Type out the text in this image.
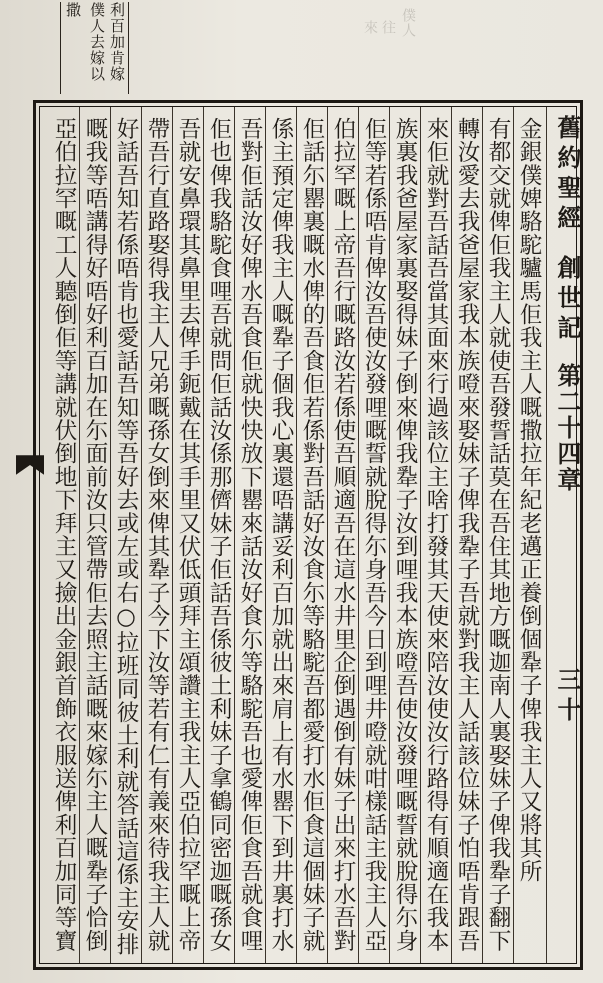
利百加肯嫁
僕人去嫁以
撒	僕人
往
來
舊約聖經
創世記
第二十四章
三十
金銀僕婢駱駝驢馬佢我主人嘅撒拉年紀老邁正養倒個𢆡子俾我主人又將其所
有都交就俾佢我主人就使吾發誓話莫在吾住其地方嘅迦南人裏娶妹子俾我𢆡子翻下
轉汝愛去我爸屋家我本族噔來娶妹子俾我𢆡子吾就對我主人話該位妹子怕唔肯跟吾
來佢就對吾話吾當其面來行過該位主啥打發其天使來陪汝使汝行路得有順適在我本
族裏我爸屋家裏娶得妹子倒來俾我𢆡子汝到哩我本族噔吾使汝發哩嘅誓就脫得尓身
佢等若係唔肯俾汝吾使汝發哩嘅誓就脫得尓身吾今日到哩井噔就咁樣話主我主人亞
伯拉罕嘅上帝吾行嘅路汝若係使吾順適吾在這水井里企倒遇倒有妹子出來打水吾對
佢話尓罌裏嘅水俾的吾食佢若係對吾話好汝食尓等駱駝吾都愛打水佢食這個妹子就
係主預定俾我主人嘅𢆡子個我心裏還唔講妥利百加就出來肩上有水罌下到井裏打水
吾對佢話汝好俾水吾食佢就快快放下罌來話汝好食尓等駱駝吾也愛俾佢食吾就食哩
佢也俾我駱駝食哩吾就問佢話汝係那儕妹子佢話吾係彼土利妹子拿鶴同密迦嘅孫女
吾就安鼻環其鼻里去俾手鈪戴在其手里又伏低頭拜主頌讚主我主人亞伯拉罕嘅上帝
帶吾行直路娶得我主人兄弟嘅孫女倒來俾其𢆡子今下汝等若有仁有義來待我主人就
好話吾知若係唔肯也愛話吾知等吾好去或左或右○拉班同彼土利就答話這係主安排
嘅我等唔講得好唔好利百加在尓面前汝只管帶佢去照主話嘅來嫁尓主人嘅𢆡子恰倒
亞伯拉罕嘅工人聽倒佢等講就伏倒地下拜主又撿出金銀首飾衣服送俾利百加同等寶
